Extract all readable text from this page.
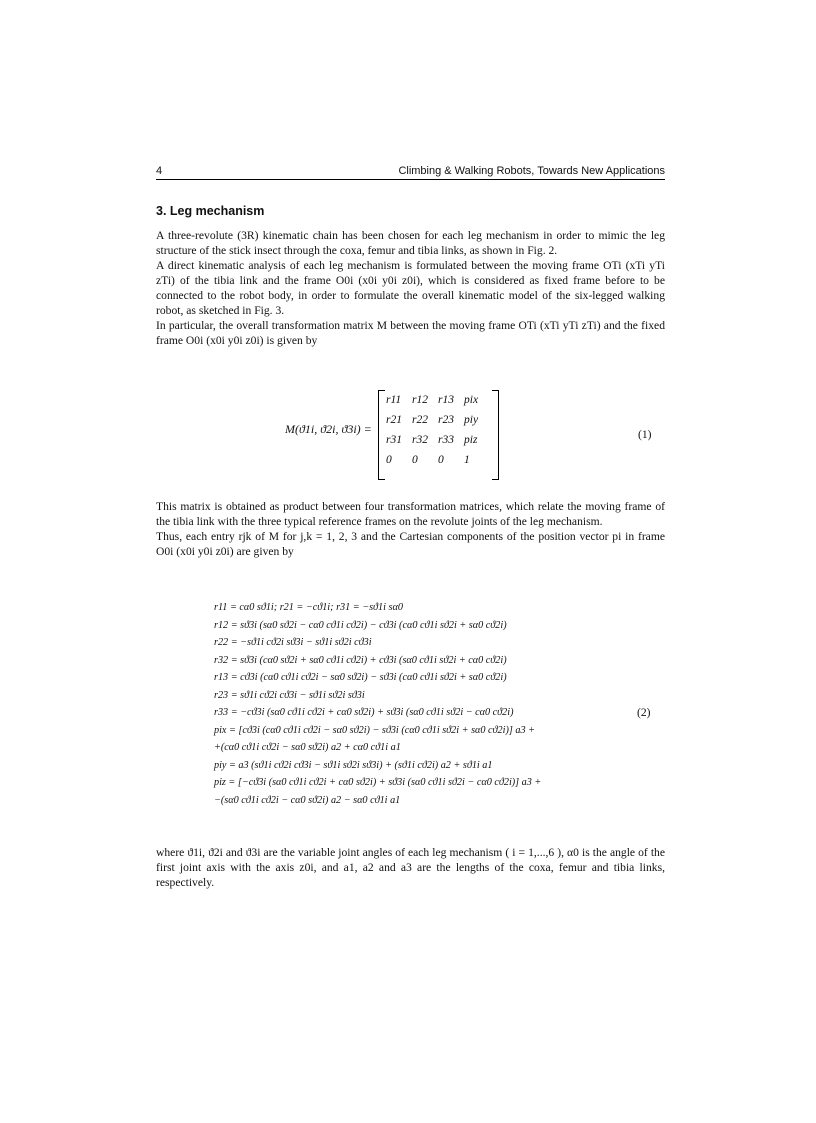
4	Climbing & Walking Robots, Towards New Applications
3. Leg mechanism

A three-revolute (3R) kinematic chain has been chosen for each leg mechanism in order to mimic the leg structure of the stick insect through the coxa, femur and tibia links, as shown in Fig. 2.

A direct kinematic analysis of each leg mechanism is formulated between the moving frame OTi (xTi yTi zTi) of the tibia link and the frame O0i (x0i y0i z0i), which is considered as fixed frame before to be connected to the robot body, in order to formulate the overall kinematic model of the six-legged walking robot, as sketched in Fig. 3.

In particular, the overall transformation matrix M between the moving frame OTi (xTi yTi zTi) and the fixed frame O0i (x0i y0i z0i) is given by

M(ϑ1i, ϑ2i, ϑ3i) =
r11 r12 r13 pix
r21 r22 r23 piy
r31 r32 r33 piz
0	0	0	1
(1)

This matrix is obtained as product between four transformation matrices, which relate the moving frame of the tibia link with the three typical reference frames on the revolute joints of the leg mechanism.

Thus, each entry rjk of M for j,k = 1, 2, 3 and the Cartesian components of the position vector pi in frame O0i (x0i y0i z0i) are given by

r11 = cα0 sϑ1i; r21 = −cϑ1i; r31 = −sϑ1i sα0
r12 = sϑ3i (sα0 sϑ2i − cα0 cϑ1i cϑ2i) − cϑ3i (cα0 cϑ1i sϑ2i + sα0 cϑ2i)
r22 = −sϑ1i cϑ2i sϑ3i − sϑ1i sϑ2i cϑ3i
r32 = sϑ3i (cα0 sϑ2i + sα0 cϑ1i cϑ2i) + cϑ3i (sα0 cϑ1i sϑ2i + cα0 cϑ2i)
r13 = cϑ3i (cα0 cϑ1i cϑ2i − sα0 sϑ2i) − sϑ3i (cα0 cϑ1i sϑ2i + sα0 cϑ2i)
r23 = sϑ1i cϑ2i cϑ3i − sϑ1i sϑ2i sϑ3i
r33 = −cϑ3i (sα0 cϑ1i cϑ2i + cα0 sϑ2i) + sϑ3i (sα0 cϑ1i sϑ2i − cα0 cϑ2i)
pix = [cϑ3i (cα0 cϑ1i cϑ2i − sα0 sϑ2i) − sϑ3i (cα0 cϑ1i sϑ2i + sα0 cϑ2i)] a3 +
+(cα0 cϑ1i cϑ2i − sα0 sϑ2i) a2 + cα0 cϑ1i a1
piy = a3 (sϑ1i cϑ2i cϑ3i − sϑ1i sϑ2i sϑ3i) + (sϑ1i cϑ2i) a2 + sϑ1i a1
piz = [−cϑ3i (sα0 cϑ1i cϑ2i + cα0 sϑ2i) + sϑ3i (sα0 cϑ1i sϑ2i − cα0 cϑ2i)] a3 +
−(sα0 cϑ1i cϑ2i − cα0 sϑ2i) a2 − sα0 cϑ1i a1
(2)

where ϑ1i, ϑ2i and ϑ3i are the variable joint angles of each leg mechanism ( i = 1,...,6 ), α0 is the angle of the first joint axis with the axis z0i, and a1, a2 and a3 are the lengths of the coxa, femur and tibia links, respectively.
